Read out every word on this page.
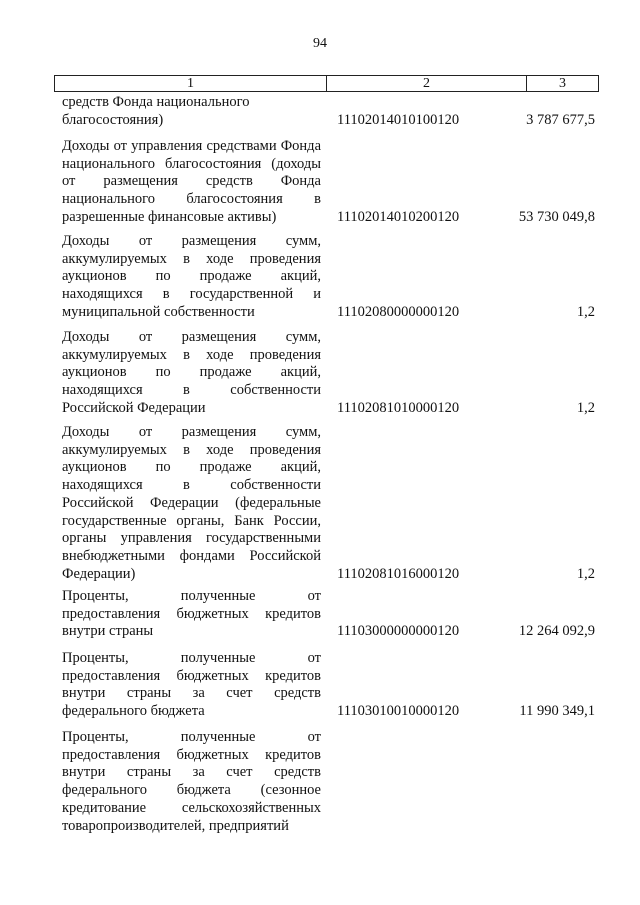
94
1	2	3
средств Фонда национального
благосостояния)	11102014010100120	3 787 677,5
Доходы от управления средствами Фонда национального благосостояния (доходы от размещения средств Фонда национального благосостояния в разрешенные финансовые активы)	11102014010200120	53 730 049,8
Доходы от размещения сумм, аккумулируемых в ходе проведения аукционов по продаже акций, находящихся в государственной и муниципальной собственности	11102080000000120	1,2
Доходы от размещения сумм, аккумулируемых в ходе проведения аукционов по продаже акций, находящихся в собственности Российской Федерации	11102081010000120	1,2
Доходы от размещения сумм, аккумулируемых в ходе проведения аукционов по продаже акций, находящихся в собственности Российской Федерации (федеральные государственные органы, Банк России, органы управления государственными внебюджетными фондами Российской Федерации)	11102081016000120	1,2
Проценты, полученные от предоставления бюджетных кредитов внутри страны	11103000000000120	12 264 092,9
Проценты, полученные от предоставления бюджетных кредитов внутри страны за счет средств федерального бюджета	11103010010000120	11 990 349,1
Проценты, полученные от предоставления бюджетных кредитов внутри страны за счет средств федерального бюджета (сезонное кредитование сельскохозяйственных товаропроизводителей, предприятий
